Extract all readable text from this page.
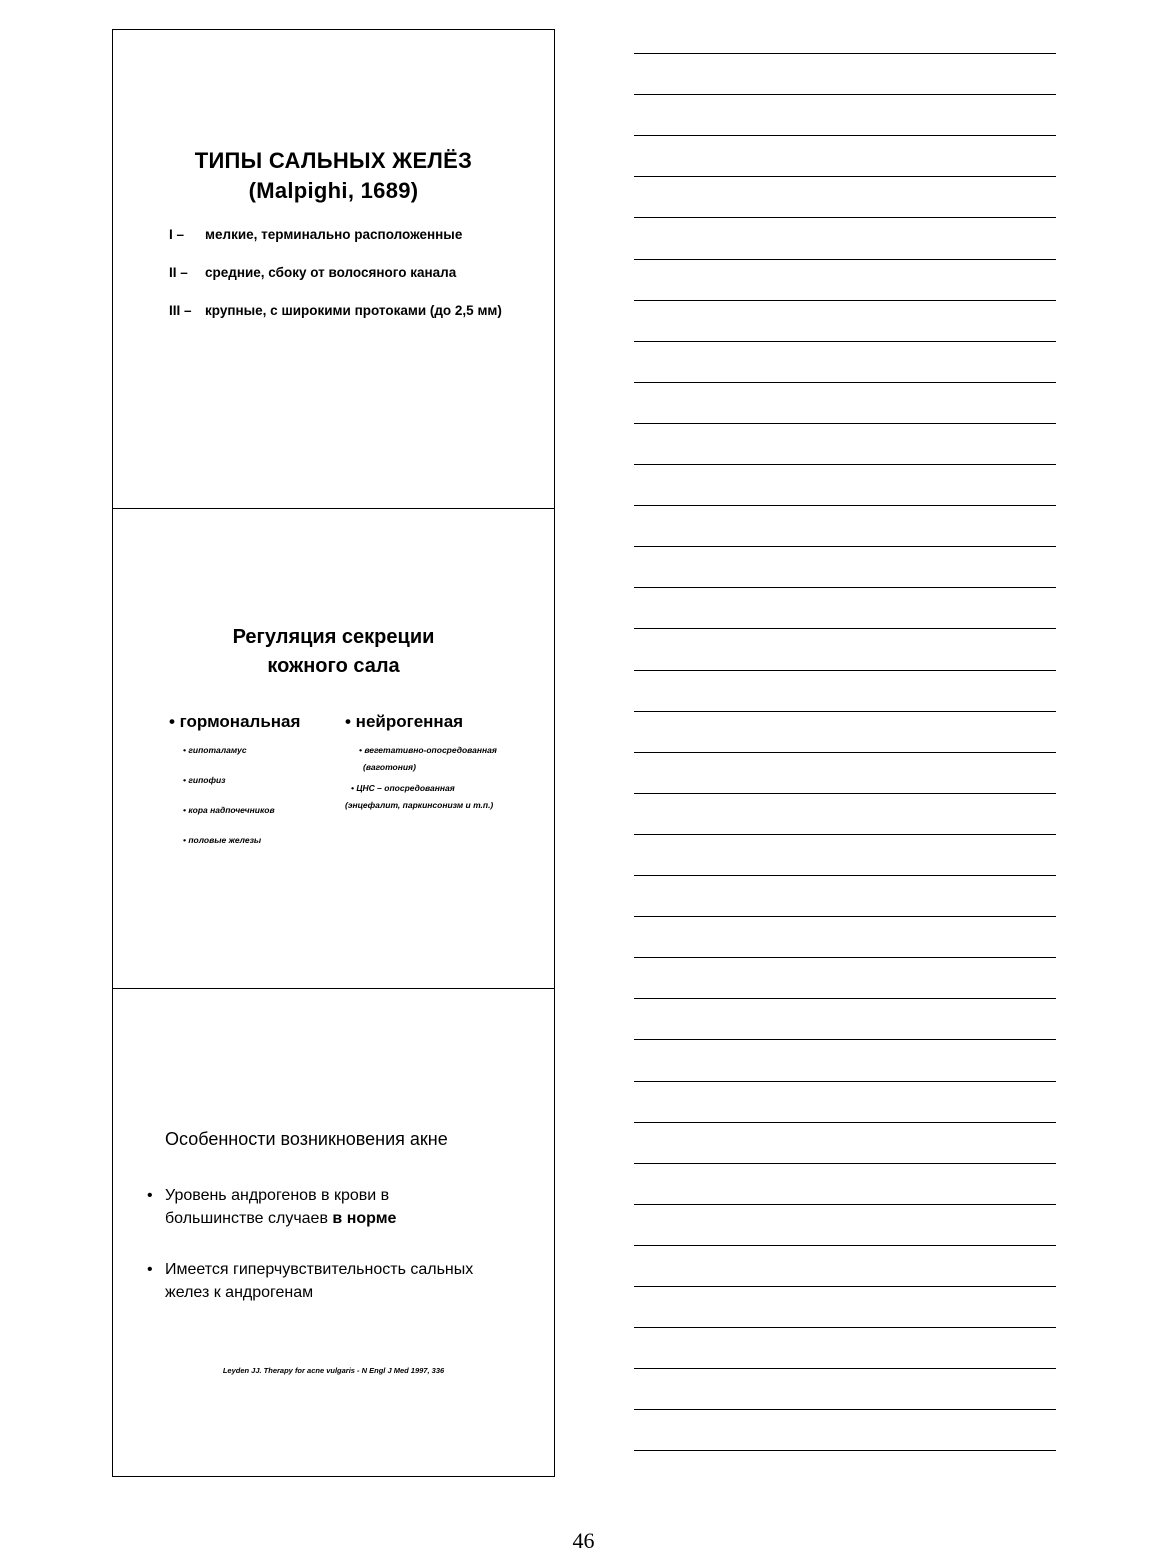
ТИПЫ САЛЬНЫХ ЖЕЛЁЗ
(Malpighi, 1689)
I –	мелкие, терминально расположенные
II –	средние, сбоку от волосяного канала
III – крупные, с широкими протоками (до 2,5 мм)
Регуляция секреции
кожного сала
• гормональная
• гипоталамус
• гипофиз
• кора надпочечников
• половые железы
• нейрогенная
• вегетативно-опосредованная
(ваготония)
• ЦНС – опосредованная
(энцефалит, паркинсонизм и т.п.)
Особенности возникновения акне
• Уровень андрогенов в крови в большинстве случаев в норме
• Имеется гиперчувствительность сальных желез к андрогенам
Leyden JJ. Therapy for acne vulgaris - N Engl J Med 1997, 336
46
